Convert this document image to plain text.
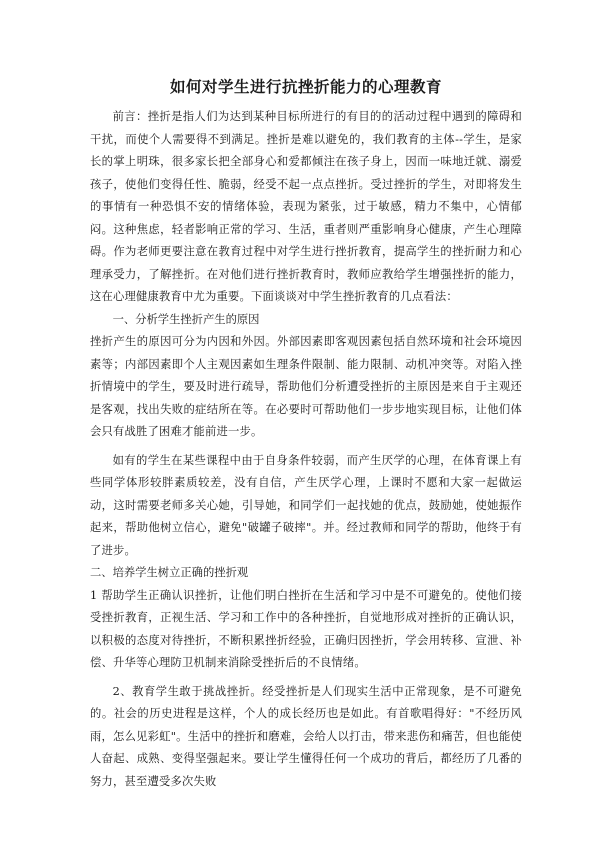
如何对学生进行抗挫折能力的心理教育

前言：挫折是指人们为达到某种目标所进行的有目的的活动过程中遇到的障碍和干扰，而使个人需要得不到满足。挫折是难以避免的，我们教育的主体--学生，是家长的掌上明珠，很多家长把全部身心和爱都倾注在孩子身上，因而一味地迁就、溺爱孩子，使他们变得任性、脆弱，经受不起一点点挫折。受过挫折的学生，对即将发生的事情有一种恐惧不安的情绪体验，表现为紧张，过于敏感，精力不集中，心情郁闷。这种焦虑，轻者影响正常的学习、生活，重者则严重影响身心健康，产生心理障碍。作为老师更要注意在教育过程中对学生进行挫折教育，提高学生的挫折耐力和心理承受力，了解挫折。在对他们进行挫折教育时，教师应教给学生增强挫折的能力，这在心理健康教育中尤为重要。下面谈谈对中学生挫折教育的几点看法：

一、分析学生挫折产生的原因

挫折产生的原因可分为内因和外因。外部因素即客观因素包括自然环境和社会环境因素等；内部因素即个人主观因素如生理条件限制、能力限制、动机冲突等。对陷入挫折情境中的学生，要及时进行疏导，帮助他们分析遭受挫折的主原因是来自于主观还是客观，找出失败的症结所在等。在必要时可帮助他们一步步地实现目标，让他们体会只有战胜了困难才能前进一步。

如有的学生在某些课程中由于自身条件较弱，而产生厌学的心理，在体育课上有些同学体形较胖素质较差，没有自信，产生厌学心理，上课时不愿和大家一起做运动，这时需要老师多关心她，引导她，和同学们一起找她的优点，鼓励她，使她振作起来，帮助他树立信心，避免"破罐子破摔"。并。经过教师和同学的帮助，他终于有了进步。

二、培养学生树立正确的挫折观

1 帮助学生正确认识挫折，让他们明白挫折在生活和学习中是不可避免的。使他们接受挫折教育，正视生活、学习和工作中的各种挫折，自觉地形成对挫折的正确认识，以积极的态度对待挫折，不断积累挫折经验，正确归因挫折，学会用转移、宣泄、补偿、升华等心理防卫机制来消除受挫折后的不良情绪。

2、教育学生敢于挑战挫折。经受挫折是人们现实生活中正常现象，是不可避免的。社会的历史进程是这样，个人的成长经历也是如此。有首歌唱得好："不经历风雨，怎么见彩虹"。生活中的挫折和磨难，会给人以打击，带来悲伤和痛苦，但也能使人奋起、成熟、变得坚强起来。要让学生懂得任何一个成功的背后，都经历了几番的努力，甚至遭受多次失败
